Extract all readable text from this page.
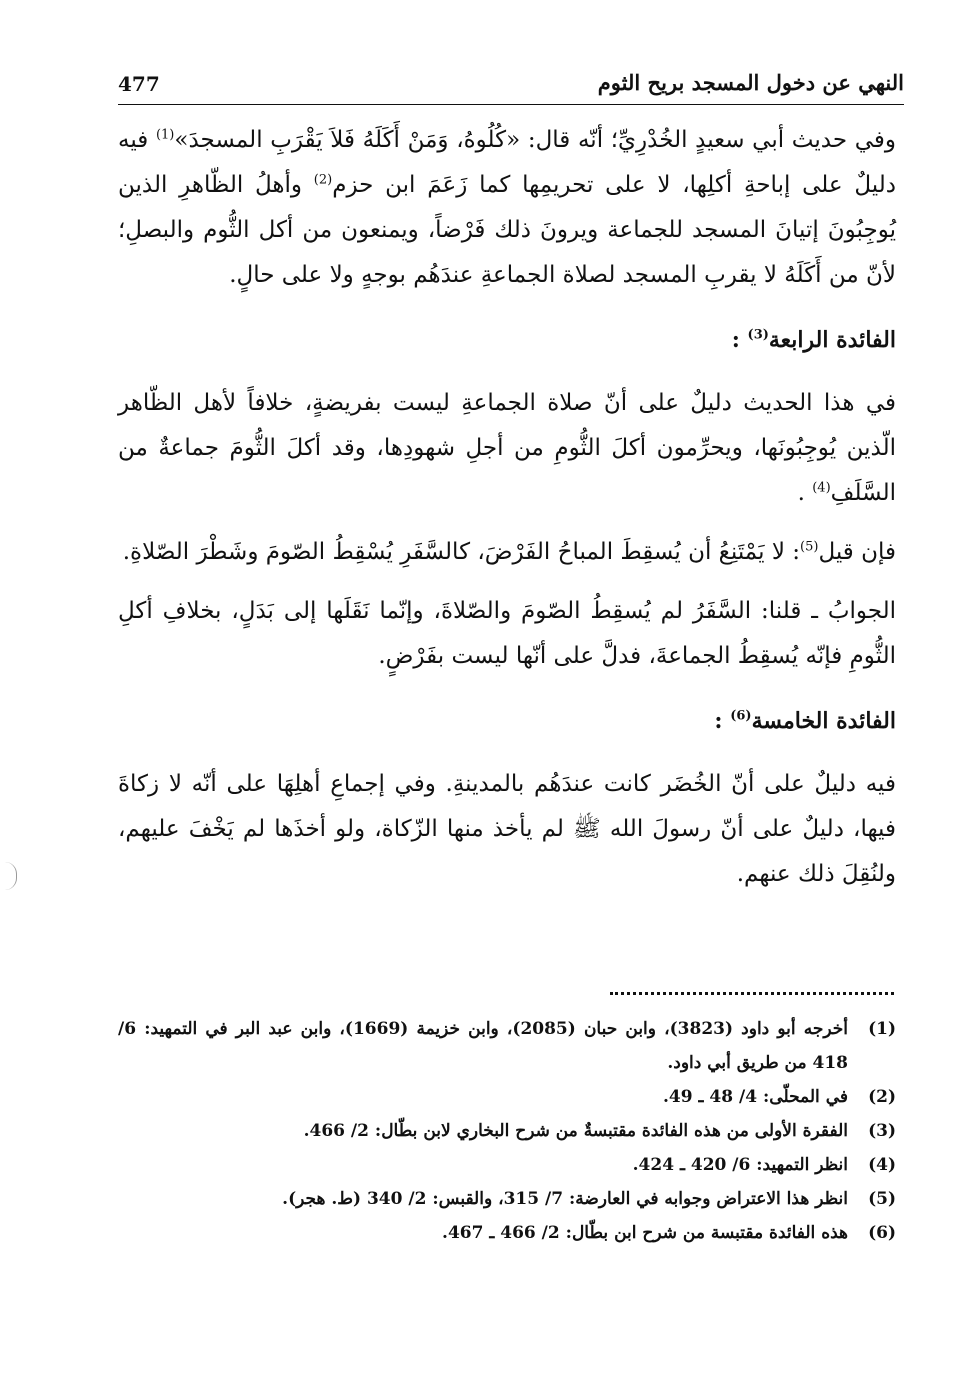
477	النهي عن دخول المسجد بريح الثوم

وفي حديث أبي سعيدٍ الخُدْرِيِّ؛ أنّه قال: «كُلُوهُ، وَمَنْ أَكَلَهُ فَلاَ يَقْرَبِ المسجدَ»$^{(1)}$ فيه دليلٌ على إباحةِ أكلِها، لا على تحريمِها كما زَعَمَ ابن حزم$^{(2)}$ وأهلُ الظّاهرِ الذين يُوجِبُونَ إتيانَ المسجد للجماعة ويرونَ ذلك فَرْضاً، ويمنعون من أكل الثُّوم والبصلِ؛ لأنّ من أَكَلَهُ لا يقربِ المسجد لصلاة الجماعةِ عندَهُم بوجهٍ ولا على حالٍ.

الفائدة الرابعة$^{(3)}$ :

في هذا الحديث دليلٌ على أنّ صلاة الجماعةِ ليست بفريضةٍ، خلافاً لأهل الظّاهر الّذين يُوجِبُونَها، ويحرِّمون أكلَ الثُّومِ من أجلِ شهودِها، وقد أكلَ الثُّومَ جماعةٌ من السَّلَفِ$^{(4)}$ .

فإن قيل$^{(5)}$: لا يَمْتَنِعُ أن يُسقِطَ المباحُ الفَرْضَ، كالسَّفَرِ يُسْقِطُ الصّومَ وشَطْرَ الصّلاةِ.

الجوابُ ـ قلنا: السَّفَرُ لم يُسقِطُ الصّومَ والصّلاةَ، وإنّما نَقَلَها إلى بَدَلٍ، بخلافِ أكلِ الثُّومِ فإنّه يُسقِطُ الجماعةَ، فدلَّ على أنّها ليست بفَرْضٍ.

الفائدة الخامسة$^{(6)}$ :

فيه دليلٌ على أنّ الخُضَر كانت عندَهُم بالمدينةِ. وفي إجماعِ أهلِهَا على أنّه لا زكاةَ فيها، دليلٌ على أنّ رسولَ الله ﷺ لم يأخذ منها الزّكاة، ولو أخذَها لم يَخْفَ عليهم، ولنُقِلَ ذلك عنهم.

(1)
أخرجه أبو داود (3823)، وابن حبان (2085)، وابن خزيمة (1669)، وابن عبد البر في التمهيد: 6/ 418 من طريق أبي داود.
(2)
في المحلّى: 4/ 48 ـ 49.
(3)
الفقرة الأولى من هذه الفائدة مقتبسةٌ من شرح البخاري لابن بطّال: 2/ 466.
(4)
انظر التمهيد: 6/ 420 ـ 424.
(5)
انظر هذا الاعتراض وجوابه في العارضة: 7/ 315، والقبس: 2/ 340 (ط. هجر).
(6)
هذه الفائدة مقتبسة من شرح ابن بطّال: 2/ 466 ـ 467.
